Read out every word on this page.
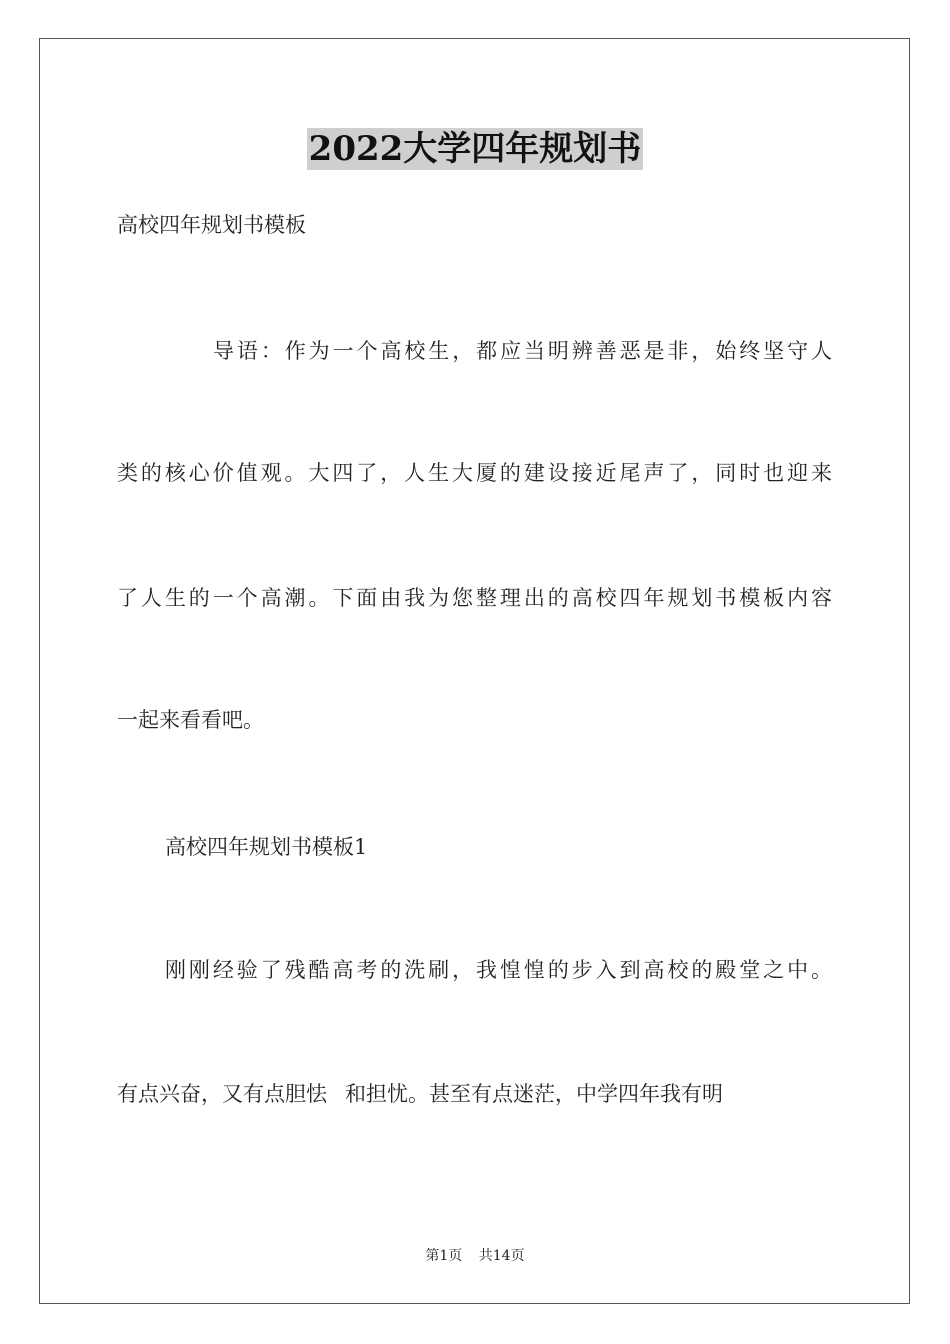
2022大学四年规划书
高校四年规划书模板
导语：作为一个高校生，都应当明辨善恶是非，始终坚守人
类的核心价值观。大四了，人生大厦的建设接近尾声了，同时也迎来
了人生的一个高潮。下面由我为您整理出的高校四年规划书模板内容
一起来看看吧。
高校四年规划书模板1
刚刚经验了残酷高考的洗刷，我惶惶的步入到高校的殿堂之中。
有点兴奋，又有点胆怯 和担忧。甚至有点迷茫，中学四年我有明
第1页 共14页
